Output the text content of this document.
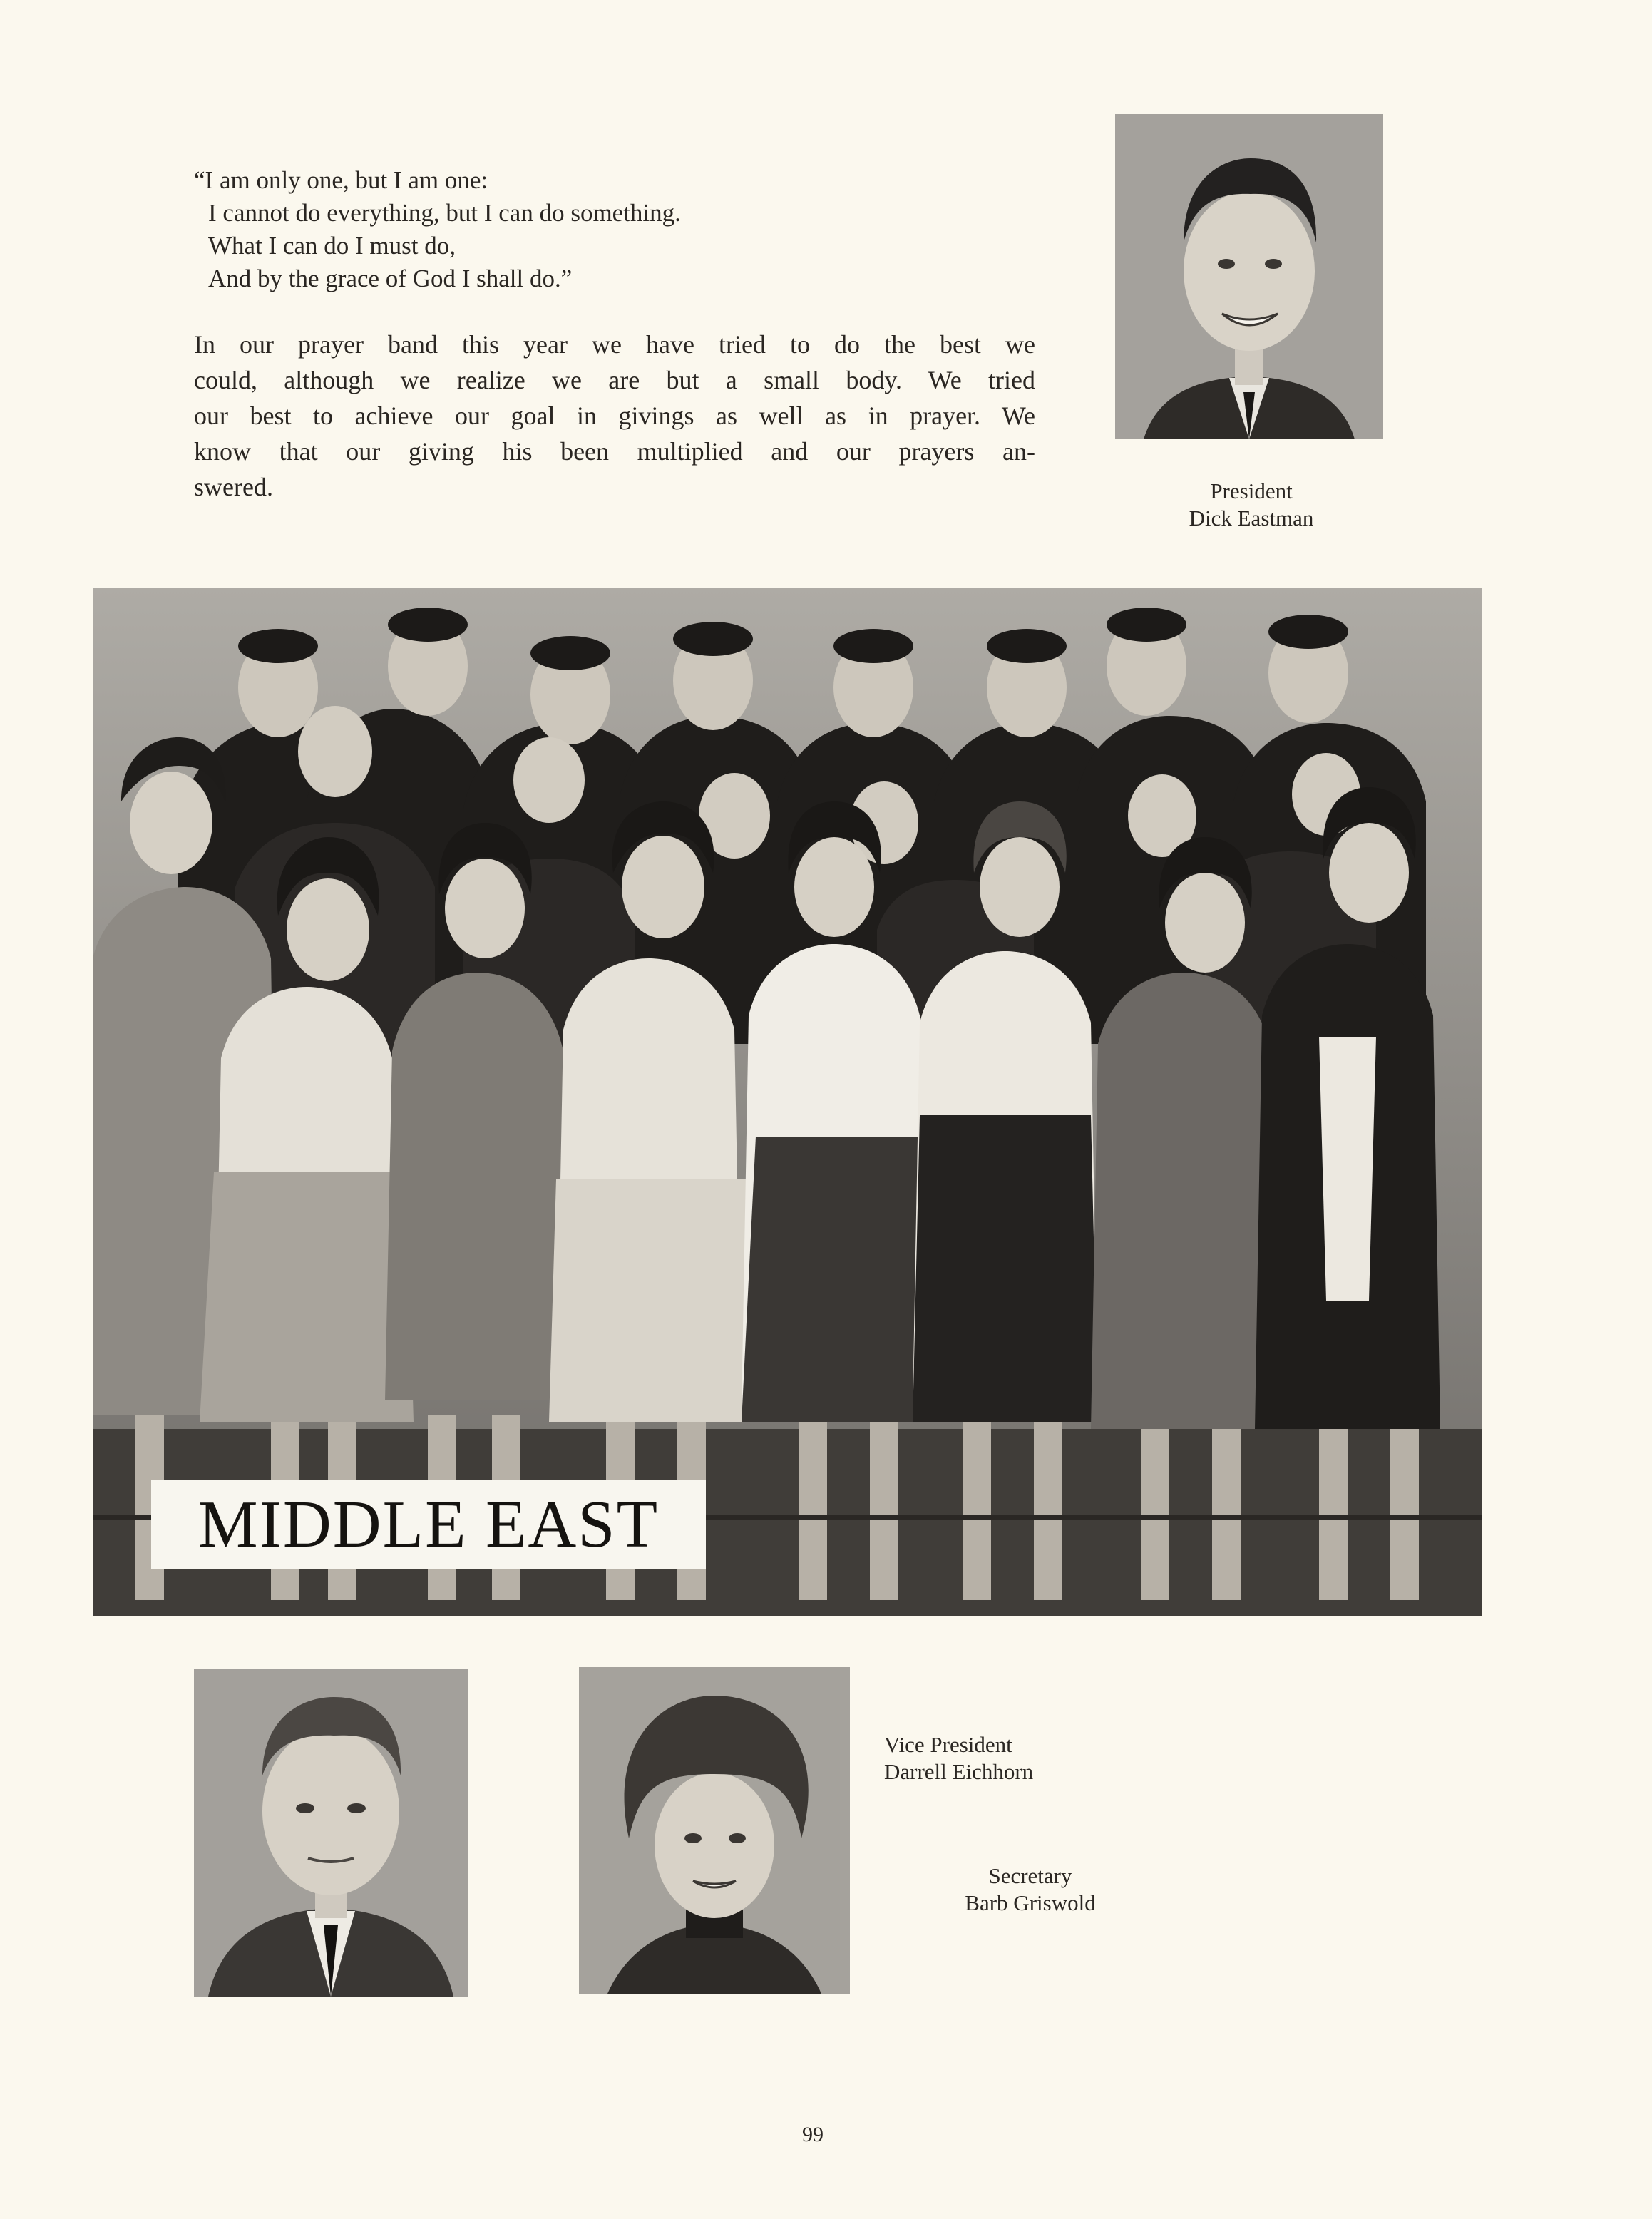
“I am only one, but I am one:
I cannot do everything, but I can do something.
What I can do I must do,
And by the grace of God I shall do.”
In our prayer band this year we have tried to do the best we
could, although we realize we are but a small body. We tried
our best to achieve our goal in givings as well as in prayer. We
know that our giving his been multiplied and our prayers an-
swered.	President
Dick Eastman
MIDDLE EAST
Vice President
Darrell Eichhorn
Secretary
Barb Griswold
99
